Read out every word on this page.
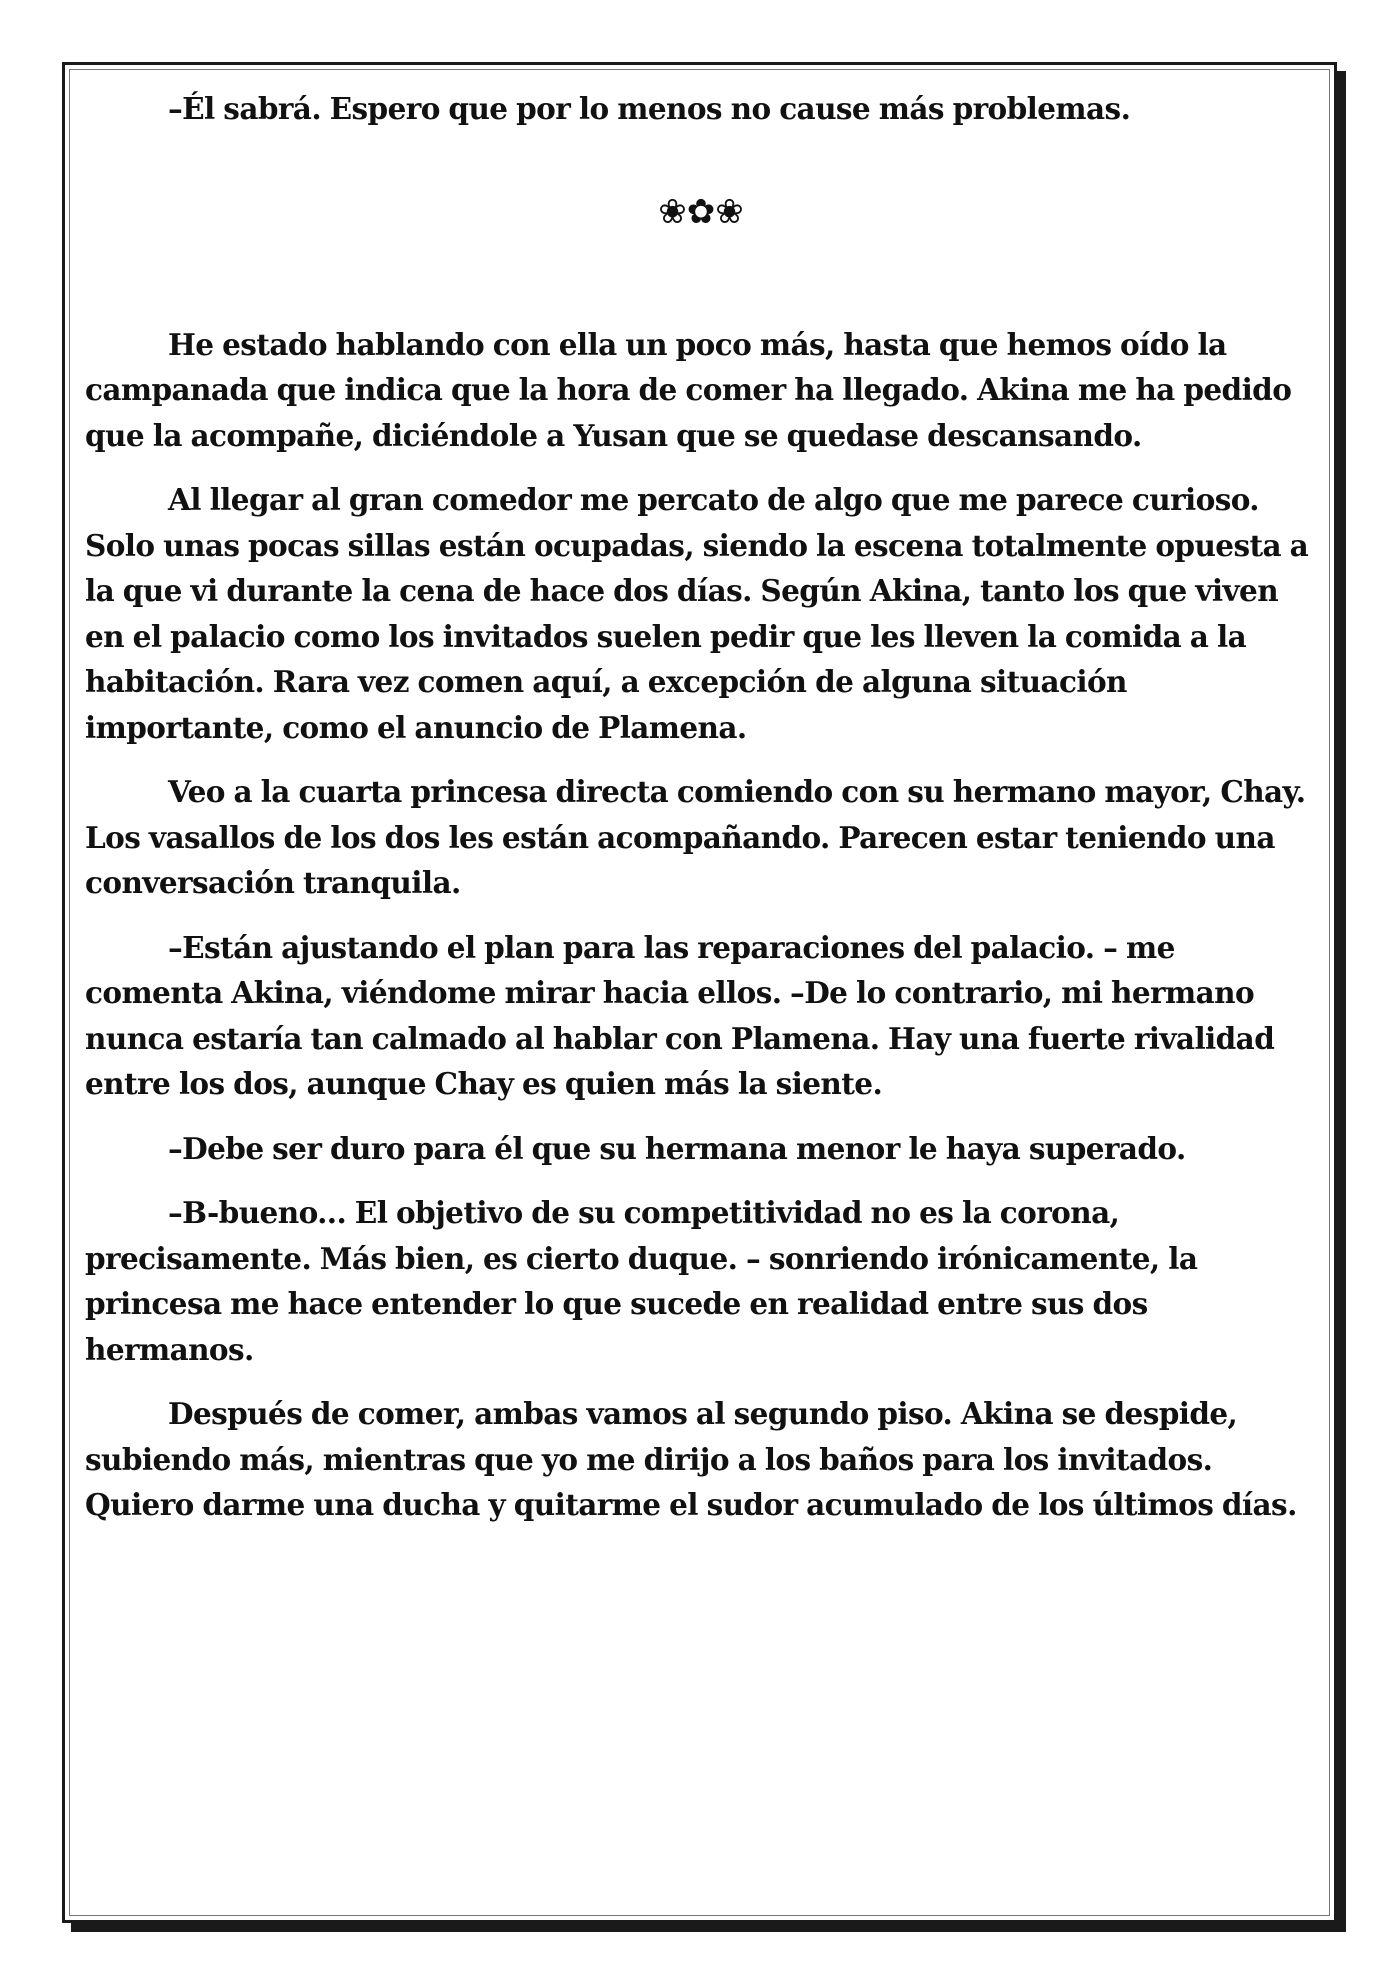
–Él sabrá. Espero que por lo menos no cause más problemas.

❀✿❀

He estado hablando con ella un poco más, hasta que hemos oído la campanada que indica que la hora de comer ha llegado. Akina me ha pedido que la acompañe, diciéndole a Yusan que se quedase descansando.

Al llegar al gran comedor me percato de algo que me parece curioso. Solo unas pocas sillas están ocupadas, siendo la escena totalmente opuesta a la que vi durante la cena de hace dos días. Según Akina, tanto los que viven en el palacio como los invitados suelen pedir que les lleven la comida a la habitación. Rara vez comen aquí, a excepción de alguna situación importante, como el anuncio de Plamena.

Veo a la cuarta princesa directa comiendo con su hermano mayor, Chay. Los vasallos de los dos les están acompañando. Parecen estar teniendo una conversación tranquila.

–Están ajustando el plan para las reparaciones del palacio. – me comenta Akina, viéndome mirar hacia ellos. –De lo contrario, mi hermano nunca estaría tan calmado al hablar con Plamena. Hay una fuerte rivalidad entre los dos, aunque Chay es quien más la siente.

–Debe ser duro para él que su hermana menor le haya superado.

–B-bueno... El objetivo de su competitividad no es la corona, precisamente. Más bien, es cierto duque. – sonriendo irónicamente, la princesa me hace entender lo que sucede en realidad entre sus dos hermanos.

Después de comer, ambas vamos al segundo piso. Akina se despide, subiendo más, mientras que yo me dirijo a los baños para los invitados. Quiero darme una ducha y quitarme el sudor acumulado de los últimos días.
